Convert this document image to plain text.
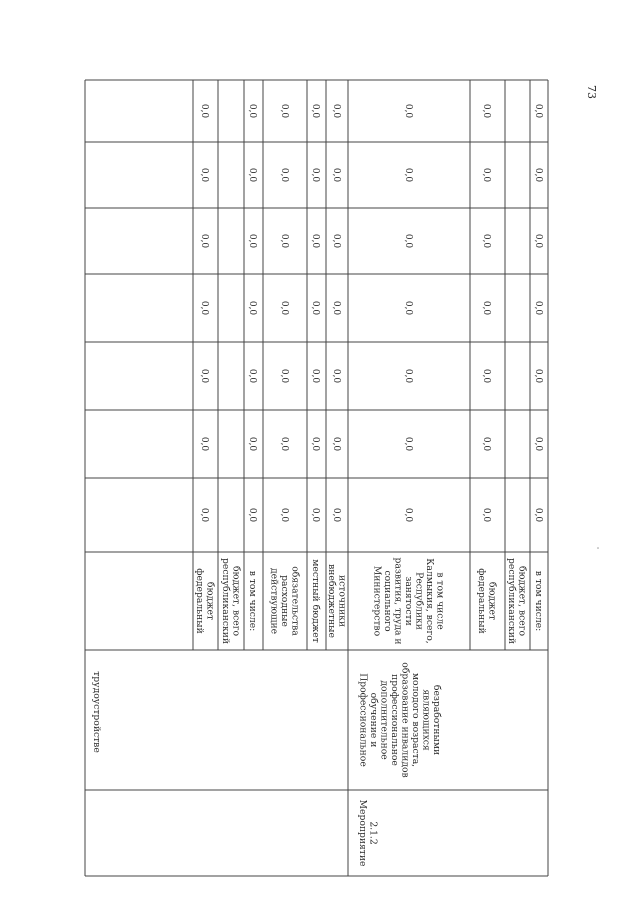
73
федеральныйбюджет
0,0
0,0
0,0
0,0
0,0
0,0
0,0
республиканскийбюджет, всего в том числе:
0,0
0,0
0,0
0,0
0,0
0,0
0,0
действующиерасходныеобязательства
0,0
0,0
0,0
0,0
0,0
0,0
0,0
местный бюджет
0,0
0,0
0,0
0,0
0,0
0,0
0,0
внебюджетныеисточники
0,0
0,0
0,0
0,0
0,0
0,0
0,0
трудоустройстве
Мероприятие2.1.2
Профессиональноеобучение идополнительноепрофессиональноеобразование инвалидовмолодого возраста,являющихсябезработными
Министерствосоциальногоразвития, труда изанятостиРеспубликиКалмыкия, всего,в том числе
0,0
0,0
0,0
0,0
0,0
0,0
0,0
федеральныйбюджет
0,0
0,0
0,0
0,0
0,0
0,0
0,0
республиканскийбюджет, всего в том числе:
0,0
0,0
0,0
0,0
0,0
0,0
0,0
